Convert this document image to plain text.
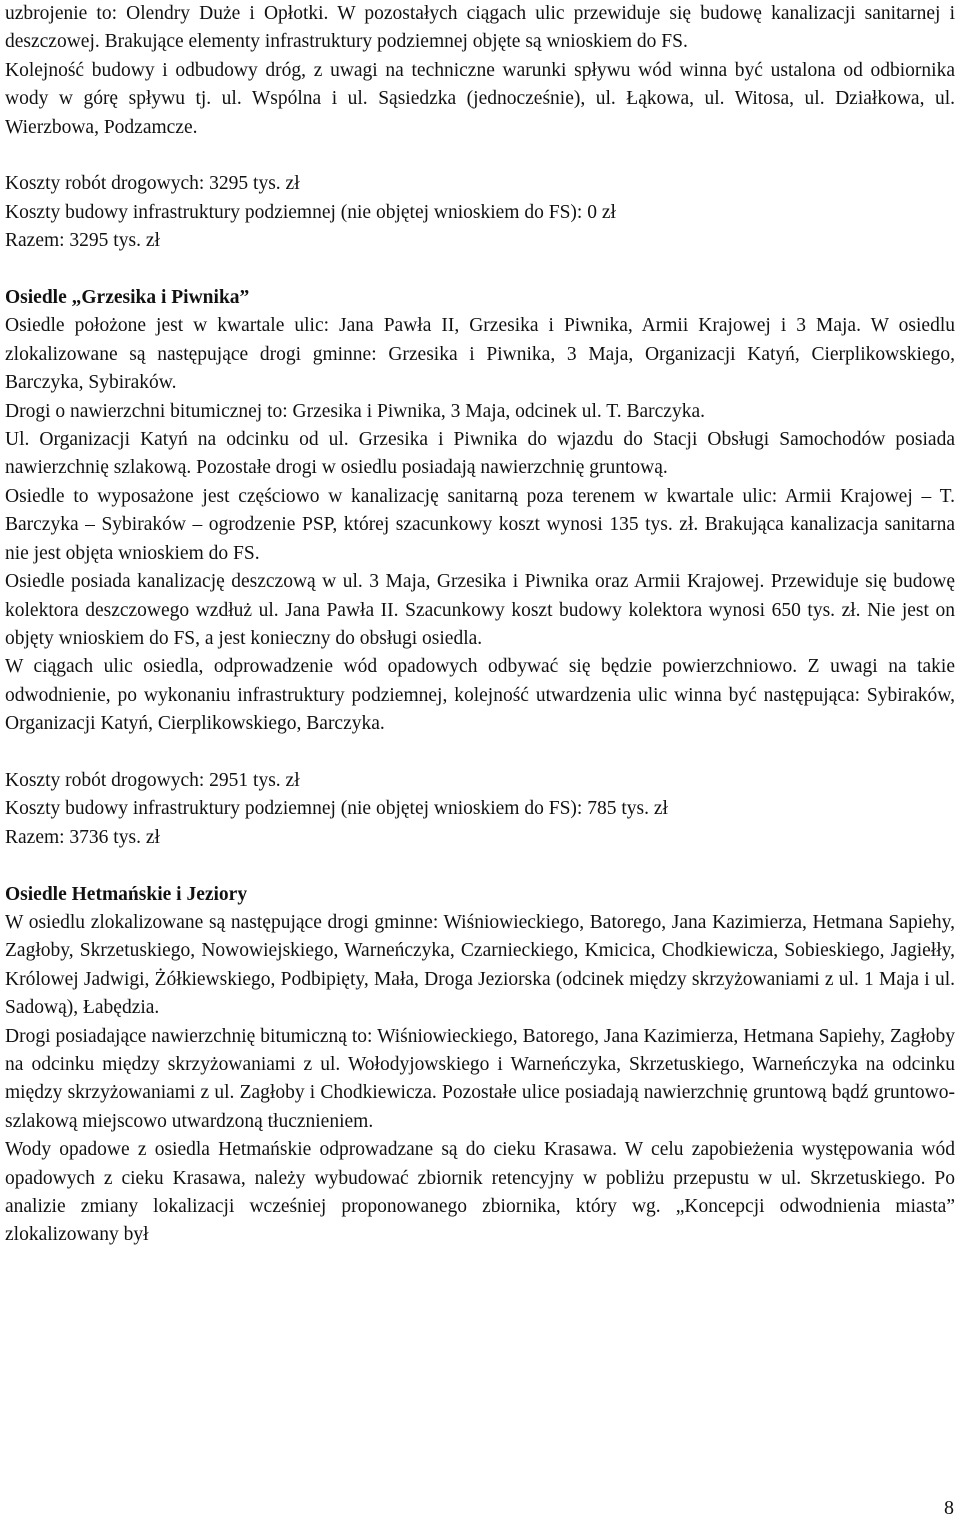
uzbrojenie to: Olendry Duże i Opłotki. W pozostałych ciągach ulic przewiduje się budowę kanalizacji sanitarnej i deszczowej. Brakujące elementy infrastruktury podziemnej objęte są wnioskiem do FS.

Kolejność budowy i odbudowy dróg, z uwagi na techniczne warunki spływu wód winna być ustalona od odbiornika wody w górę spływu tj. ul. Wspólna i ul. Sąsiedzka (jednocześnie), ul. Łąkowa, ul. Witosa, ul. Działkowa, ul. Wierzbowa, Podzamcze.

Koszty robót drogowych: 3295 tys. zł

Koszty budowy infrastruktury podziemnej (nie objętej wnioskiem do FS): 0 zł

Razem: 3295 tys. zł

Osiedle „Grzesika i Piwnika”

Osiedle położone jest w kwartale ulic: Jana Pawła II, Grzesika i Piwnika, Armii Krajowej i 3 Maja. W osiedlu zlokalizowane są następujące drogi gminne: Grzesika i Piwnika, 3 Maja, Organizacji Katyń, Cierplikowskiego, Barczyka, Sybiraków.

Drogi o nawierzchni bitumicznej to: Grzesika i Piwnika, 3 Maja, odcinek ul. T. Barczyka.

Ul. Organizacji Katyń na odcinku od ul. Grzesika i Piwnika do wjazdu do Stacji Obsługi Samochodów posiada nawierzchnię szlakową. Pozostałe drogi w osiedlu posiadają nawierzchnię gruntową.

Osiedle to wyposażone jest częściowo w kanalizację sanitarną poza terenem w kwartale ulic: Armii Krajowej – T. Barczyka – Sybiraków – ogrodzenie PSP, której szacunkowy koszt wynosi 135 tys. zł. Brakująca kanalizacja sanitarna nie jest objęta wnioskiem do FS.

Osiedle posiada kanalizację deszczową w ul. 3 Maja, Grzesika i Piwnika oraz Armii Krajowej. Przewiduje się budowę kolektora deszczowego wzdłuż ul. Jana Pawła II. Szacunkowy koszt budowy kolektora wynosi 650 tys. zł. Nie jest on objęty wnioskiem do FS, a jest konieczny do obsługi osiedla.

W ciągach ulic osiedla, odprowadzenie wód opadowych odbywać się będzie powierzchniowo. Z uwagi na takie odwodnienie, po wykonaniu infrastruktury podziemnej, kolejność utwardzenia ulic winna być następująca: Sybiraków, Organizacji Katyń, Cierplikowskiego, Barczyka.

Koszty robót drogowych: 2951 tys. zł

Koszty budowy infrastruktury podziemnej (nie objętej wnioskiem do FS): 785 tys. zł

Razem: 3736 tys. zł

Osiedle Hetmańskie i Jeziory

W osiedlu zlokalizowane są następujące drogi gminne: Wiśniowieckiego, Batorego, Jana Kazimierza, Hetmana Sapiehy, Zagłoby, Skrzetuskiego, Nowowiejskiego, Warneńczyka, Czarnieckiego, Kmicica, Chodkiewicza, Sobieskiego, Jagiełły, Królowej Jadwigi, Żółkiewskiego, Podbipięty, Mała, Droga Jeziorska (odcinek między skrzyżowaniami z ul. 1 Maja i ul. Sadową), Łabędzia.

Drogi posiadające nawierzchnię bitumiczną to: Wiśniowieckiego, Batorego, Jana Kazimierza, Hetmana Sapiehy, Zagłoby na odcinku między skrzyżowaniami z ul. Wołodyjowskiego i Warneńczyka, Skrzetuskiego, Warneńczyka na odcinku między skrzyżowaniami z ul. Zagłoby i Chodkiewicza. Pozostałe ulice posiadają nawierzchnię gruntową bądź gruntowo-szlakową miejscowo utwardzoną tłucznieniem.

Wody opadowe z osiedla Hetmańskie odprowadzane są do cieku Krasawa. W celu zapobieżenia występowania wód opadowych z cieku Krasawa, należy wybudować zbiornik retencyjny w pobliżu przepustu w ul. Skrzetuskiego. Po analizie zmiany lokalizacji wcześniej proponowanego zbiornika, który wg. „Koncepcji odwodnienia miasta” zlokalizowany był

8
